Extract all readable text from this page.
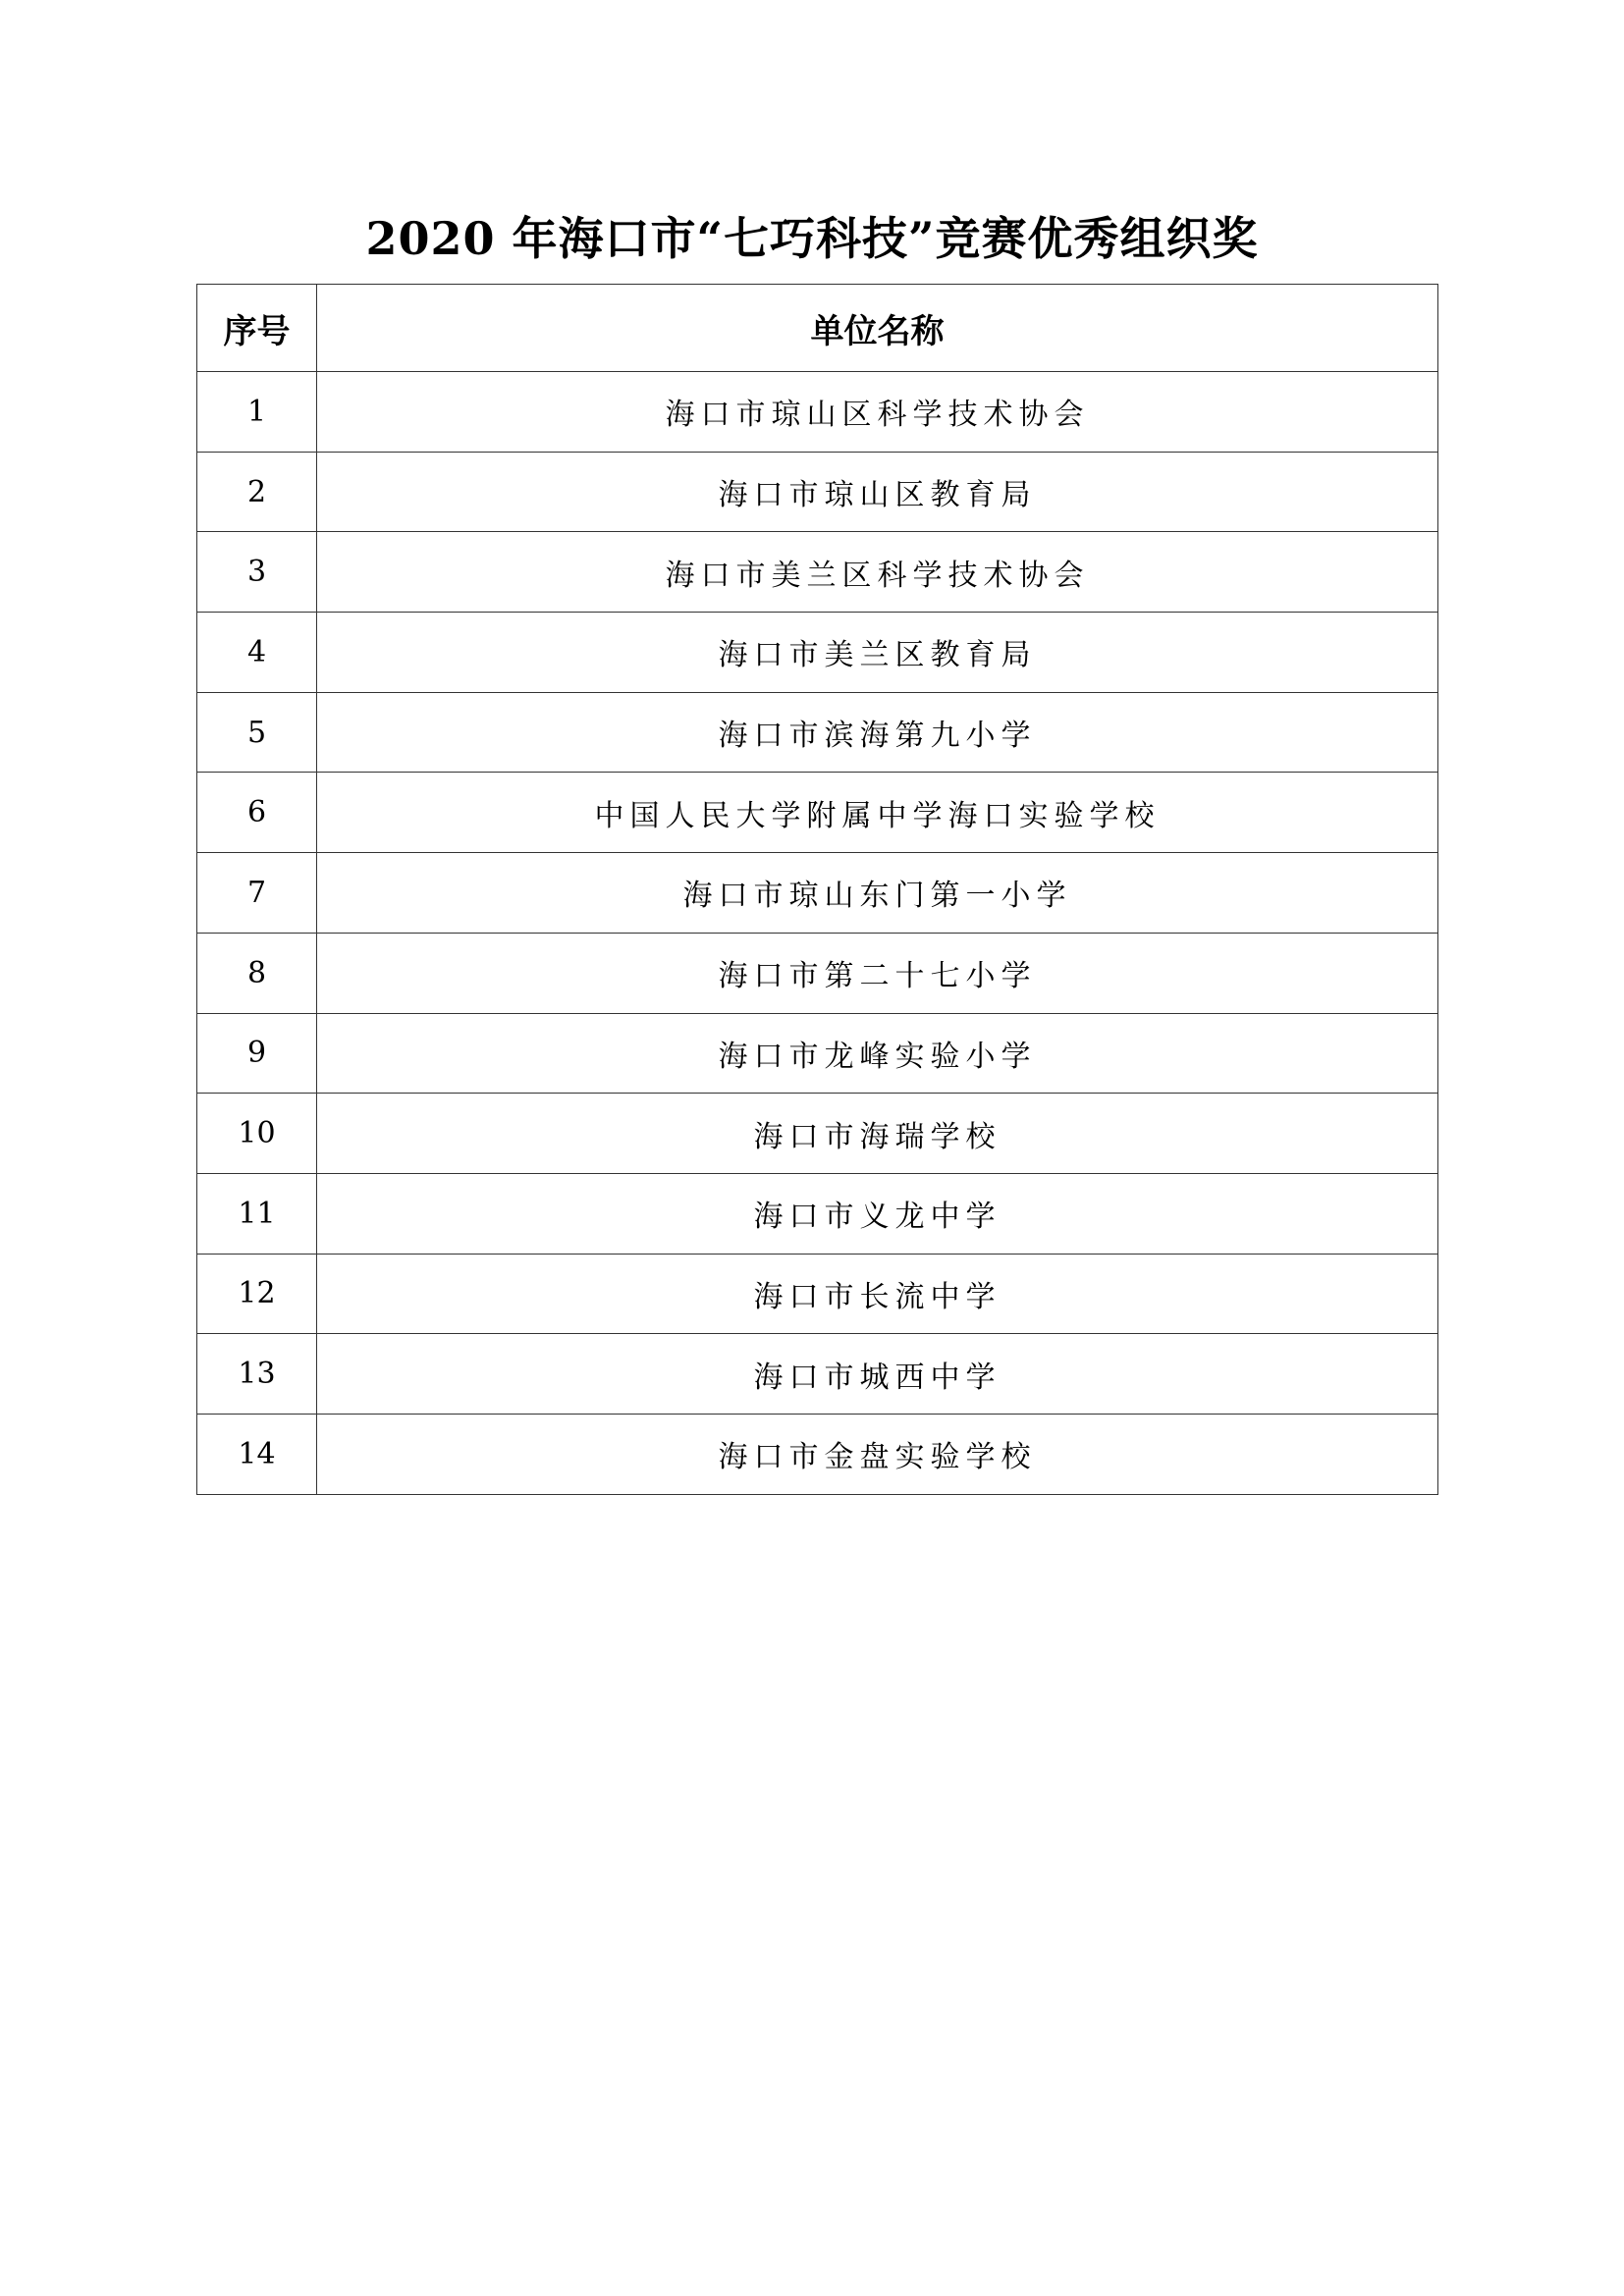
2020 年海口市“七巧科技”竞赛优秀组织奖
序号	单位名称
1	海口市琼山区科学技术协会
2	海口市琼山区教育局
3	海口市美兰区科学技术协会
4	海口市美兰区教育局
5	海口市滨海第九小学
6	中国人民大学附属中学海口实验学校
7	海口市琼山东门第一小学
8	海口市第二十七小学
9	海口市龙峰实验小学
10	海口市海瑞学校
11	海口市义龙中学
12	海口市长流中学
13	海口市城西中学
14	海口市金盘实验学校
